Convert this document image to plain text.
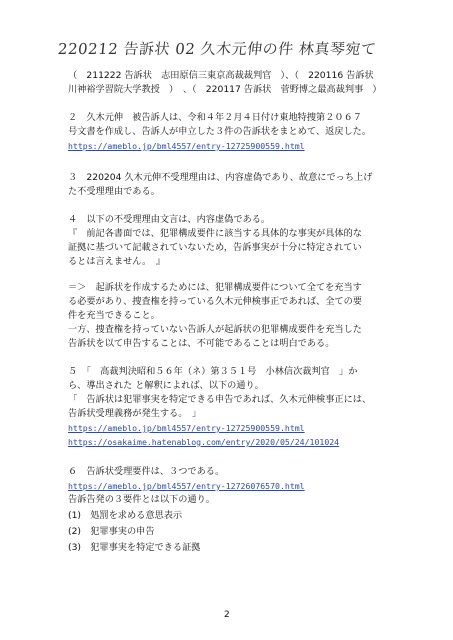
220212 告訴状 02 久木元伸の件 林真琴宛て
（　211222 告訴状　志田原信三東京高裁裁判官　）、（　220116 告訴状
川神裕学習院大学教授　）　、（　220117 告訴状　菅野博之最高裁判事　）
２　久木元伸　被告訴人は、令和４年２月４日付け東地特捜第２０６７
号文書を作成し、告訴人が申立した３件の告訴状をまとめて、返戻した。
https://ameblo.jp/bml4557/entry-12725900559.html
３　220204 久木元伸不受理理由は、内容虚偽であり、故意にでっち上げ
た不受理理由である。
４　以下の不受理理由文言は、内容虚偽である。
『　前記各書面では、犯罪構成要件に該当する具体的な事実が具体的な
証拠に基づいて記載されていないため，告訴事実が十分に特定されてい
るとは言えません。　』
＝＞　起訴状を作成するためには、犯罪構成要件について全てを充当す
る必要があり、捜査権を持っている久木元伸検事正であれば、全ての要
件を充当できること。
一方、捜査権を持っていない告訴人が起訴状の犯罪構成要件を充当した
告訴状を以て申告することは、不可能であることは明白である。
５　「　高裁判決昭和５６年（ネ）第３５１号　小林信次裁判官　」か
ら、導出された と解釈によれば、以下の通り。
「　告訴状は犯罪事実を特定できる申告であれば、久木元伸検事正には、
告訴状受理義務が発生する。　」
https://ameblo.jp/bml4557/entry-12725900559.html
https://osakaime.hatenablog.com/entry/2020/05/24/101024
６　告訴状受理要件は、３つである。
https://ameblo.jp/bml4557/entry-12726076570.html
告訴告発の３要件とは以下の通り。
(1)　処罰を求める意思表示
(2)　犯罪事実の申告
(3)　犯罪事実を特定できる証拠
2
